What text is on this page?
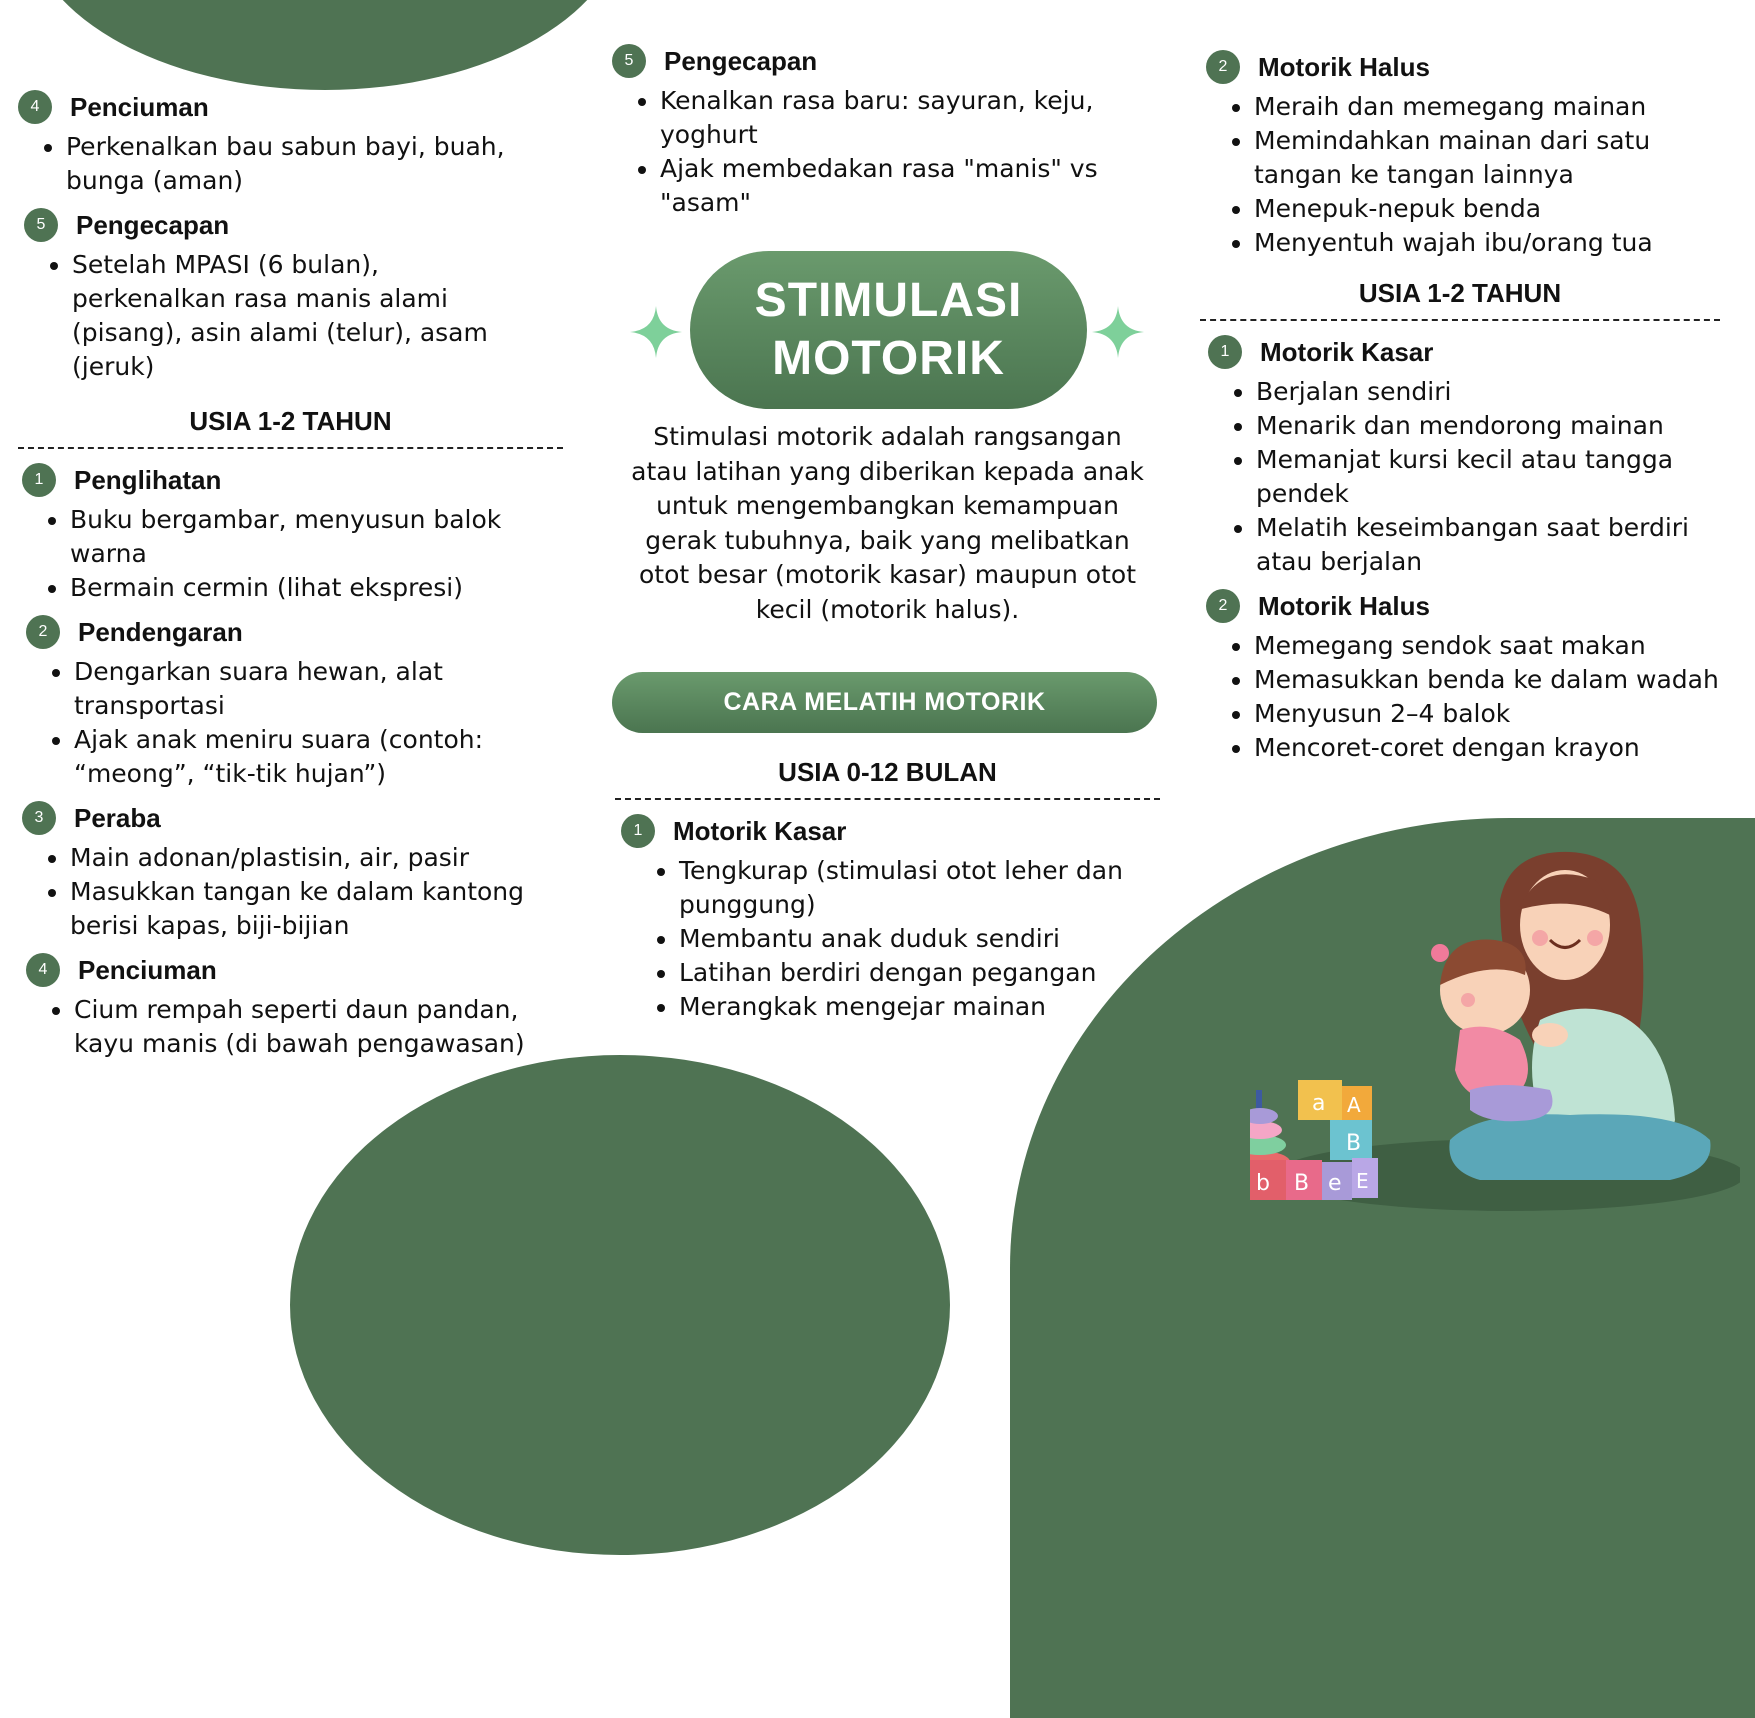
4	Penciuman
• Perkenalkan bau sabun bayi, buah, bunga (aman)
5	Pengecapan
• Setelah MPASI (6 bulan), perkenalkan rasa manis alami (pisang), asin alami (telur), asam (jeruk)

USIA 1-2 TAHUN

1	Penglihatan
• Buku bergambar, menyusun balok warna
• Bermain cermin (lihat ekspresi)
2	Pendengaran
• Dengarkan suara hewan, alat transportasi
• Ajak anak meniru suara (contoh: “meong”, “tik-tik hujan”)
3	Peraba
• Main adonan/plastisin, air, pasir
• Masukkan tangan ke dalam kantong berisi kapas, biji-bijian
4	Penciuman
• Cium rempah seperti daun pandan, kayu manis (di bawah pengawasan)
5	Pengecapan
• Kenalkan rasa baru: sayuran, keju, yoghurt
• Ajak membedakan rasa "manis" vs "asam"
STIMULASI
MOTORIK
Stimulasi motorik adalah rangsangan atau latihan yang diberikan kepada anak untuk mengembangkan kemampuan gerak tubuhnya, baik yang melibatkan otot besar (motorik kasar) maupun otot kecil (motorik halus).
CARA MELATIH MOTORIK

USIA 0-12 BULAN

1	Motorik Kasar
• Tengkurap (stimulasi otot leher dan punggung)
• Membantu anak duduk sendiri
• Latihan berdiri dengan pegangan
• Merangkak mengejar mainan
2	Motorik Halus
• Meraih dan memegang mainan
• Memindahkan mainan dari satu tangan ke tangan lainnya
• Menepuk-nepuk benda
• Menyentuh wajah ibu/orang tua

USIA 1-2 TAHUN

1	Motorik Kasar
• Berjalan sendiri
• Menarik dan mendorong mainan
• Memanjat kursi kecil atau tangga pendek
• Melatih keseimbangan saat berdiri atau berjalan
2	Motorik Halus
• Memegang sendok saat makan
• Memasukkan benda ke dalam wadah
• Menyusun 2–4 balok
• Mencoret-coret dengan krayon
a A
B
b B e E
